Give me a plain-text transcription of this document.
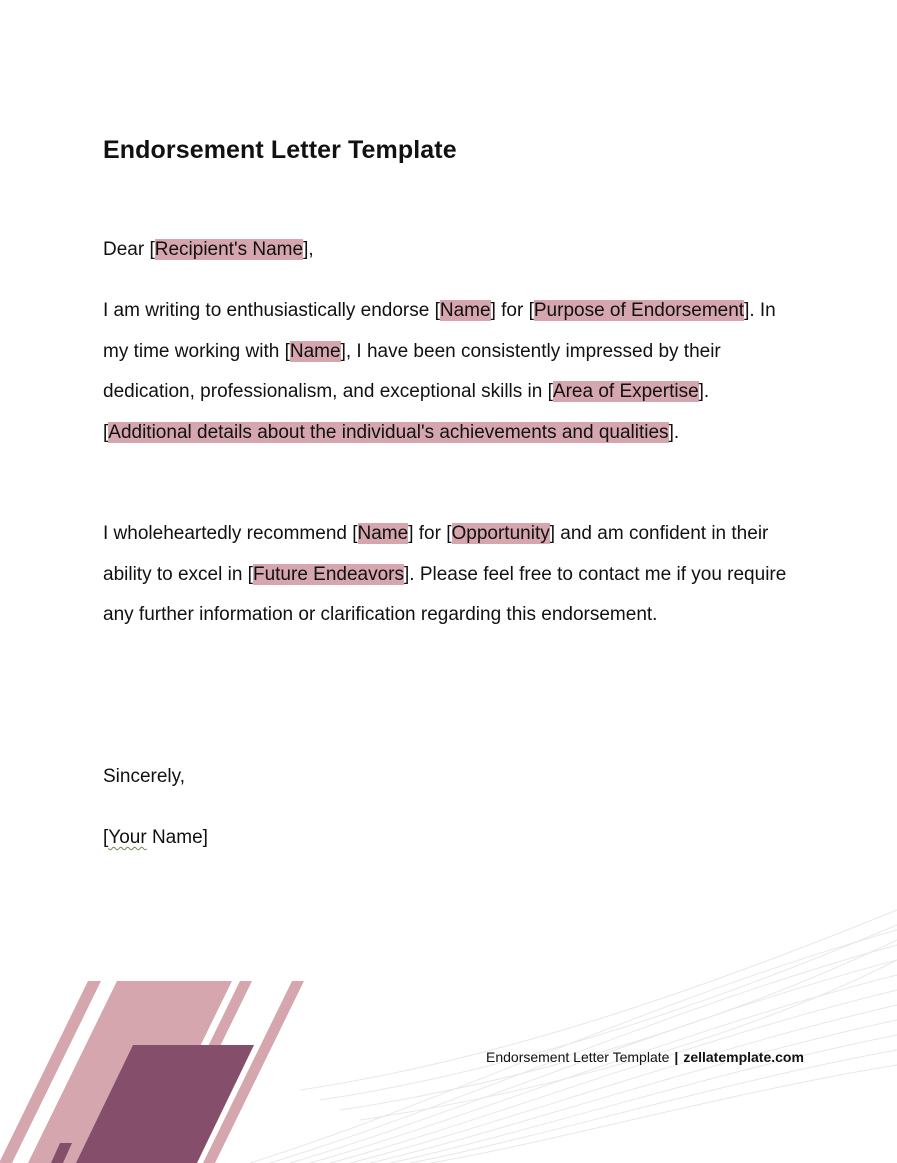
Endorsement Letter Template

Dear [Recipient's Name],

I am writing to enthusiastically endorse [Name] for [Purpose of Endorsement]. In my time working with [Name], I have been consistently impressed by their dedication, professionalism, and exceptional skills in [Area of Expertise]. [Additional details about the individual's achievements and qualities].

I wholeheartedly recommend [Name] for [Opportunity] and am confident in their ability to excel in [Future Endeavors]. Please feel free to contact me if you require any further information or clarification regarding this endorsement.

Sincerely,

[Your Name]

Endorsement Letter Template | zellatemplate.com
